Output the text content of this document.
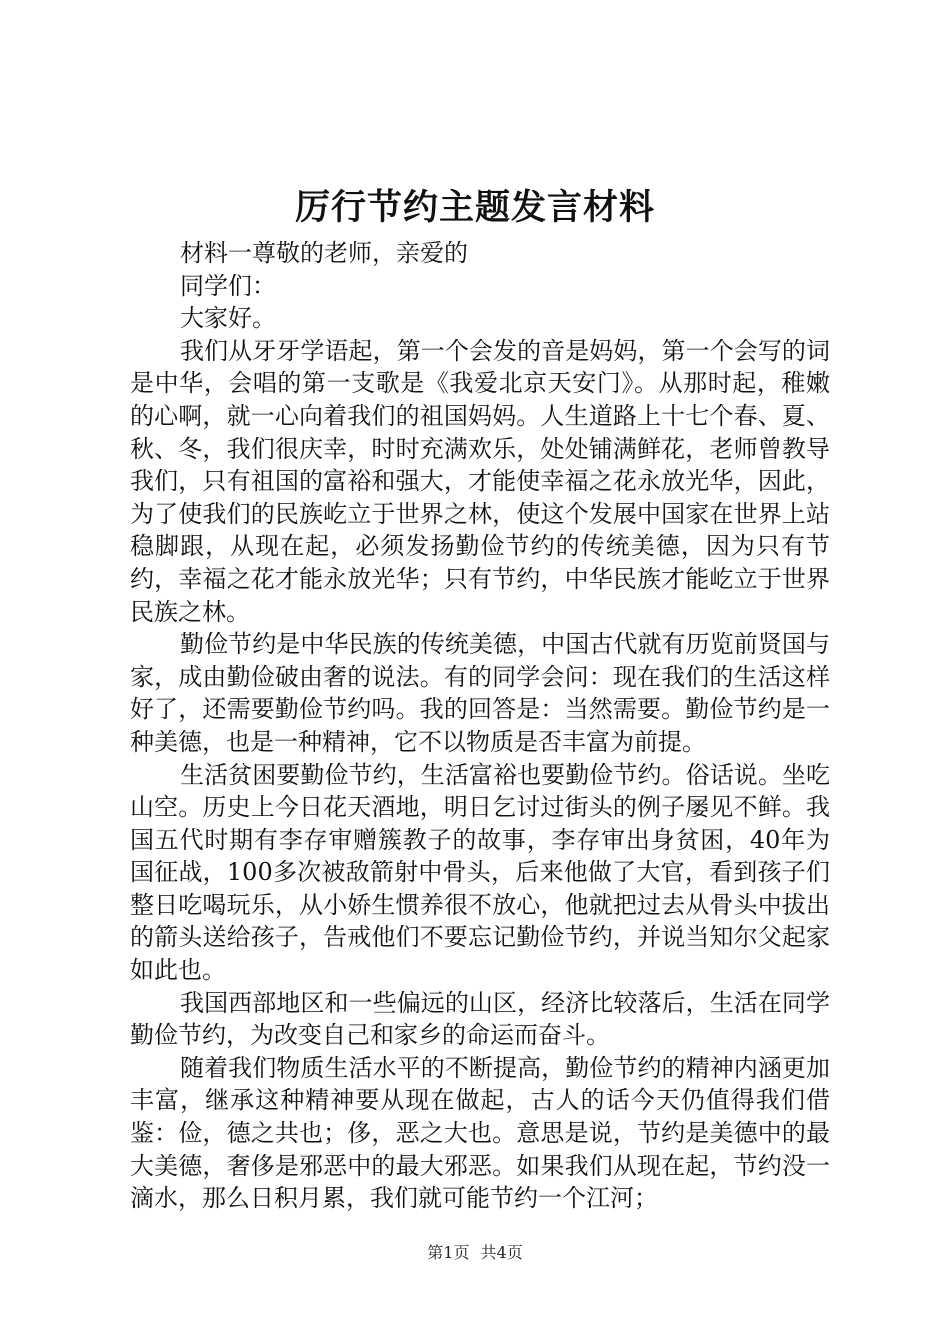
厉行节约主题发言材料

材料一尊敬的老师，亲爱的

同学们：

大家好。

我们从牙牙学语起，第一个会发的音是妈妈，第一个会写的词是中华，会唱的第一支歌是《我爱北京天安门》。从那时起，稚嫩的心啊，就一心向着我们的祖国妈妈。人生道路上十七个春、夏、秋、冬，我们很庆幸，时时充满欢乐，处处铺满鲜花，老师曾教导我们，只有祖国的富裕和强大，才能使幸福之花永放光华，因此，为了使我们的民族屹立于世界之林，使这个发展中国家在世界上站稳脚跟，从现在起，必须发扬勤俭节约的传统美德，因为只有节约，幸福之花才能永放光华；只有节约，中华民族才能屹立于世界民族之林。

勤俭节约是中华民族的传统美德，中国古代就有历览前贤国与家，成由勤俭破由奢的说法。有的同学会问：现在我们的生活这样好了，还需要勤俭节约吗。我的回答是：当然需要。勤俭节约是一种美德，也是一种精神，它不以物质是否丰富为前提。

生活贫困要勤俭节约，生活富裕也要勤俭节约。俗话说。坐吃山空。历史上今日花天酒地，明日乞讨过街头的例子屡见不鲜。我国五代时期有李存审赠簇教子的故事，李存审出身贫困，40年为国征战，100多次被敌箭射中骨头，后来他做了大官，看到孩子们整日吃喝玩乐，从小娇生惯养很不放心，他就把过去从骨头中拔出的箭头送给孩子，告戒他们不要忘记勤俭节约，并说当知尔父起家如此也。

我国西部地区和一些偏远的山区，经济比较落后，生活在同学勤俭节约，为改变自己和家乡的命运而奋斗。

随着我们物质生活水平的不断提高，勤俭节约的精神内涵更加丰富，继承这种精神要从现在做起，古人的话今天仍值得我们借鉴：俭，德之共也；侈，恶之大也。意思是说，节约是美德中的最大美德，奢侈是邪恶中的最大邪恶。如果我们从现在起，节约没一滴水，那么日积月累，我们就可能节约一个江河；

第1页 共4页
